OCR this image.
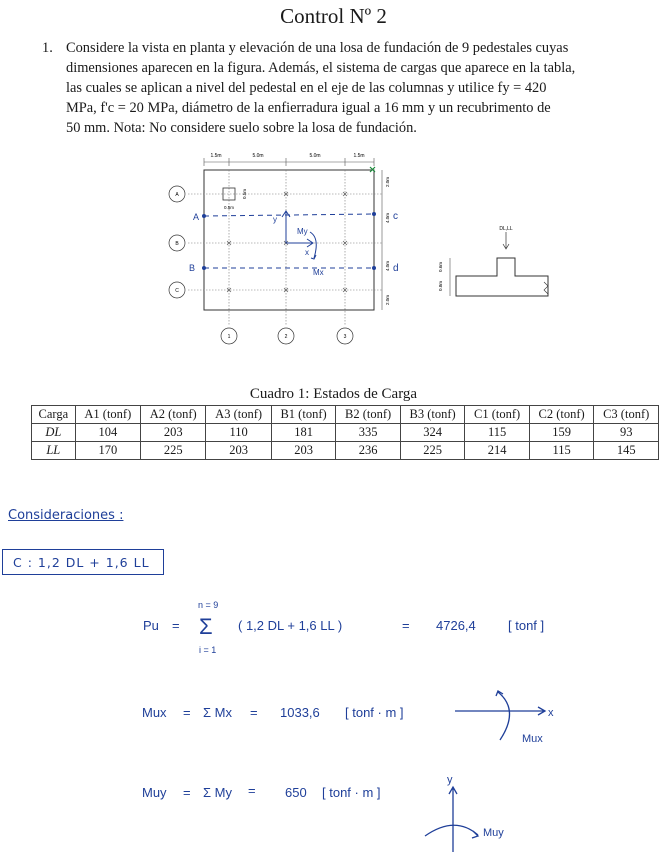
Control Nº 2
1. Considere la vista en planta y elevación de una losa de fundación de 9 pedestales cuyas
dimensiones aparecen en la figura. Además, el sistema de cargas que aparece en la tabla,
las cuales se aplican a nivel del pedestal en el eje de las columnas y utilice fy = 420
MPa, f'c = 20 MPa, diámetro de la enfierradura igual a 16 mm y un recubrimento de
50 mm. Nota: No considere suelo sobre la losa de fundación.
1.5m	5.0m	5.0m	1.5m
0.5m
0.5m
A
B
C
1	2	3
2.0m
4.0m
4.0m
2.0m
A
B
c
d
y
x
My
Mx
DL,LL
0.6m
0.8m
Cuadro 1: Estados de Carga
Carga	A1 (tonf)	A2 (tonf)	A3 (tonf)	B1 (tonf)	B2 (tonf)	B3 (tonf)	C1 (tonf)	C2 (tonf)	C3 (tonf)
DL	104	203	110	181	335	324	115	159	93
LL	170	225	203	203	236	225	214	115	145
Consideraciones :
C : 1,2 DL + 1,6 LL
Pu =
n = 9
Σ
i = 1
( 1,2 DL + 1,6 LL )	= 4726,4 [ tonf ]
Mux = Σ Mx = 1033,6 [ tonf · m ]
Muy = Σ My = 650 [ tonf · m ]
x
Mux
y
Muy
